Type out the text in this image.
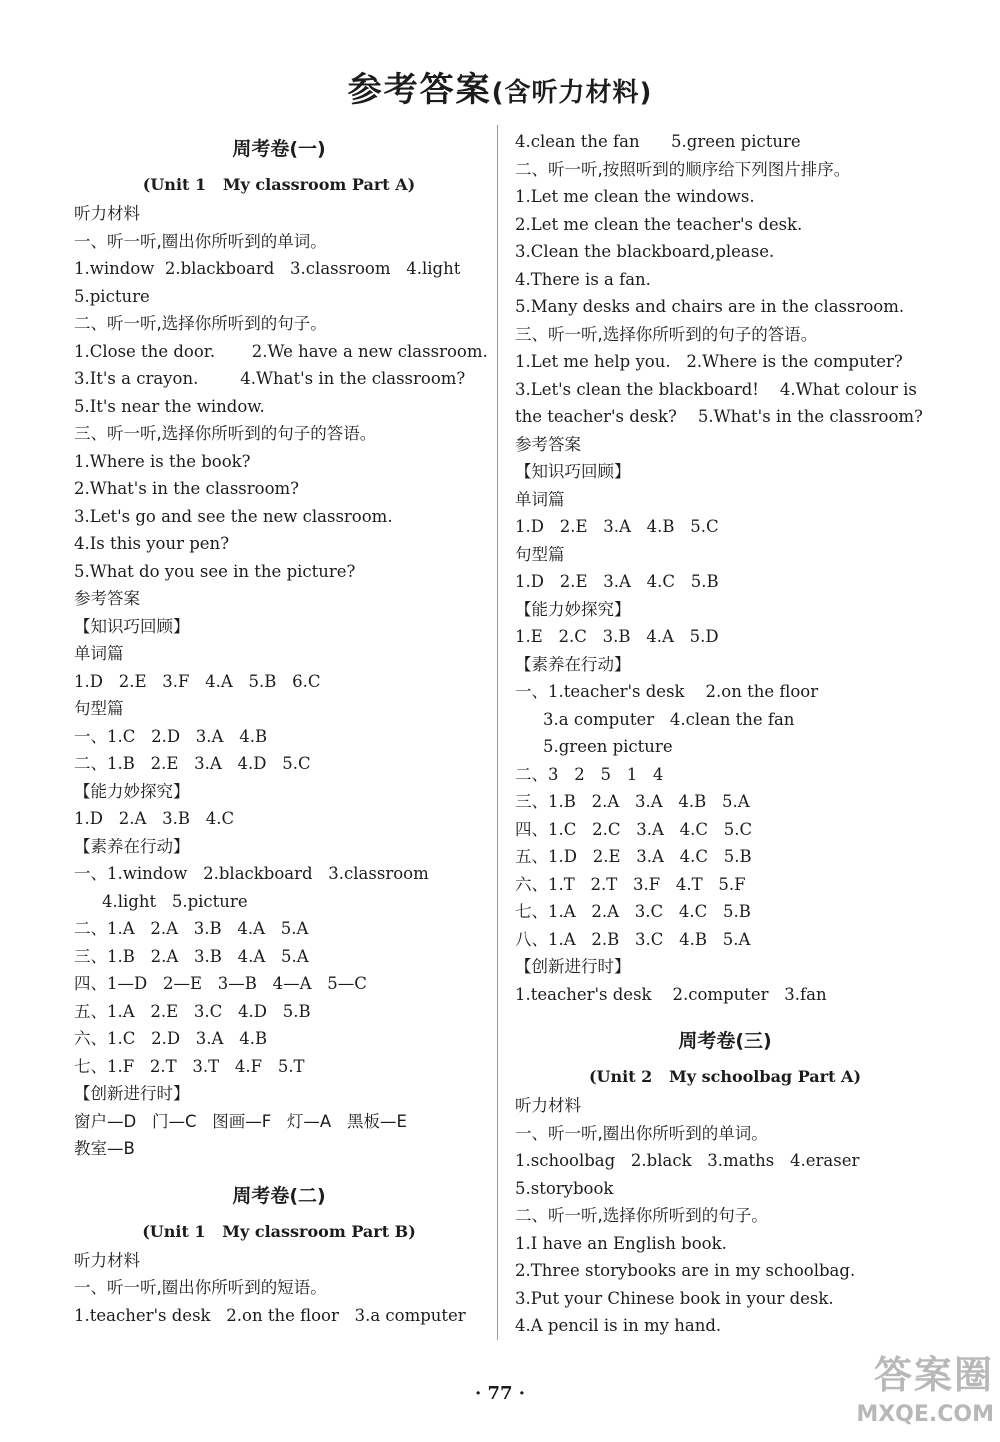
参考答案(含听力材料)
周考卷(一)
(Unit 1   My classroom Part A)
听力材料
一、听一听,圈出你所听到的单词。
1.window  2.blackboard   3.classroom   4.light
5.picture
二、听一听,选择你所听到的句子。
1.Close the door.       2.We have a new classroom.
3.It's a crayon.        4.What's in the classroom?
5.It's near the window.
三、听一听,选择你所听到的句子的答语。
1.Where is the book?
2.What's in the classroom?
3.Let's go and see the new classroom.
4.Is this your pen?
5.What do you see in the picture?
参考答案
【知识巧回顾】
单词篇
1.D   2.E   3.F   4.A   5.B   6.C
句型篇
一、1.C   2.D   3.A   4.B
二、1.B   2.E   3.A   4.D   5.C
【能力妙探究】
1.D   2.A   3.B   4.C
【素养在行动】
一、1.window   2.blackboard   3.classroom
4.light   5.picture
二、1.A   2.A   3.B   4.A   5.A
三、1.B   2.A   3.B   4.A   5.A
四、1—D   2—E   3—B   4—A   5—C
五、1.A   2.E   3.C   4.D   5.B
六、1.C   2.D   3.A   4.B
七、1.F   2.T   3.T   4.F   5.T
【创新进行时】
窗户—D   门—C   图画—F   灯—A   黑板—E
教室—B
周考卷(二)
(Unit 1   My classroom Part B)
听力材料
一、听一听,圈出你所听到的短语。
1.teacher's desk   2.on the floor   3.a computer
4.clean the fan      5.green picture
二、听一听,按照听到的顺序给下列图片排序。
1.Let me clean the windows.
2.Let me clean the teacher's desk.
3.Clean the blackboard,please.
4.There is a fan.
5.Many desks and chairs are in the classroom.
三、听一听,选择你所听到的句子的答语。
1.Let me help you.   2.Where is the computer?
3.Let's clean the blackboard!    4.What colour is
the teacher's desk?    5.What's in the classroom?
参考答案
【知识巧回顾】
单词篇
1.D   2.E   3.A   4.B   5.C
句型篇
1.D   2.E   3.A   4.C   5.B
【能力妙探究】
1.E   2.C   3.B   4.A   5.D
【素养在行动】
一、1.teacher's desk    2.on the floor
3.a computer   4.clean the fan
5.green picture
二、3   2   5   1   4
三、1.B   2.A   3.A   4.B   5.A
四、1.C   2.C   3.A   4.C   5.C
五、1.D   2.E   3.A   4.C   5.B
六、1.T   2.T   3.F   4.T   5.F
七、1.A   2.A   3.C   4.C   5.B
八、1.A   2.B   3.C   4.B   5.A
【创新进行时】
1.teacher's desk    2.computer   3.fan
周考卷(三)
(Unit 2   My schoolbag Part A)
听力材料
一、听一听,圈出你所听到的单词。
1.schoolbag   2.black   3.maths   4.eraser
5.storybook
二、听一听,选择你所听到的句子。
1.I have an English book.
2.Three storybooks are in my schoolbag.
3.Put your Chinese book in your desk.
4.A pencil is in my hand.
· 77 ·	答案圈
MXQE.COM
